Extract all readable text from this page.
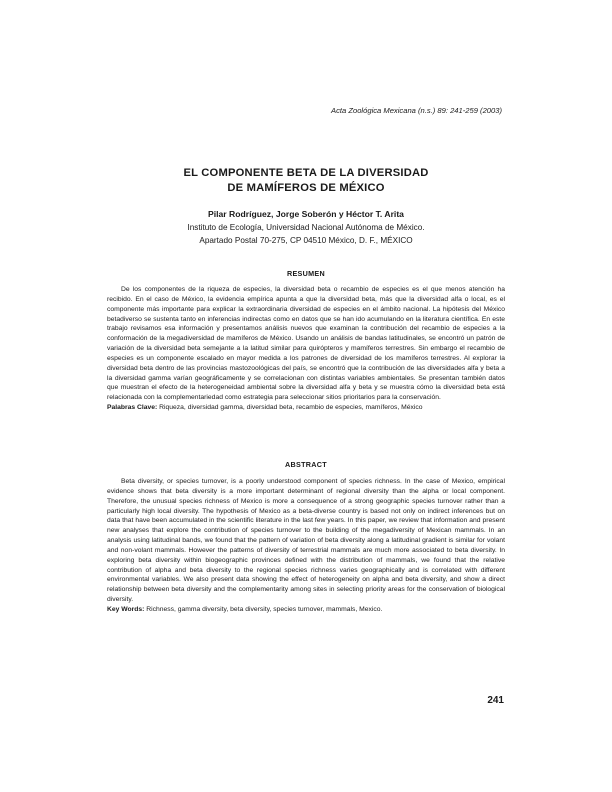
Acta Zoológica Mexicana (n.s.) 89: 241-259 (2003)
EL COMPONENTE BETA DE LA DIVERSIDAD
DE MAMÍFEROS DE MÉXICO
Pilar Rodríguez, Jorge Soberón y Héctor T. Arita
Instituto de Ecología, Universidad Nacional Autónoma de México.
Apartado Postal 70-275, CP 04510 México, D. F., MÉXICO
RESUMEN

De los componentes de la riqueza de especies, la diversidad beta o recambio de especies es el que menos atención ha recibido. En el caso de México, la evidencia empírica apunta a que la diversidad beta, más que la diversidad alfa o local, es el componente más importante para explicar la extraordinaria diversidad de especies en el ámbito nacional. La hipótesis del México betadiverso se sustenta tanto en inferencias indirectas como en datos que se han ido acumulando en la literatura científica. En este trabajo revisamos esa información y presentamos análisis nuevos que examinan la contribución del recambio de especies a la conformación de la megadiversidad de mamíferos de México. Usando un análisis de bandas latitudinales, se encontró un patrón de variación de la diversidad beta semejante a la latitud similar para quirópteros y mamíferos terrestres. Sin embargo el recambio de especies es un componente escalado en mayor medida a los patrones de diversidad de los mamíferos terrestres. Al explorar la diversidad beta dentro de las provincias mastozoológicas del país, se encontró que la contribución de las diversidades alfa y beta a la diversidad gamma varían geográficamente y se correlacionan con distintas variables ambientales. Se presentan también datos que muestran el efecto de la heterogeneidad ambiental sobre la diversidad alfa y beta y se muestra cómo la diversidad beta está relacionada con la complementariedad como estrategia para seleccionar sitios prioritarios para la conservación.

Palabras Clave: Riqueza, diversidad gamma, diversidad beta, recambio de especies, mamíferos, México
ABSTRACT

Beta diversity, or species turnover, is a poorly understood component of species richness. In the case of Mexico, empirical evidence shows that beta diversity is a more important determinant of regional diversity than the alpha or local component. Therefore, the unusual species richness of Mexico is more a consequence of a strong geographic species turnover rather than a particularly high local diversity. The hypothesis of Mexico as a beta-diverse country is based not only on indirect inferences but on data that have been accumulated in the scientific literature in the last few years. In this paper, we review that information and present new analyses that explore the contribution of species turnover to the building of the megadiversity of Mexican mammals. In an analysis using latitudinal bands, we found that the pattern of variation of beta diversity along a latitudinal gradient is similar for volant and non-volant mammals. However the patterns of diversity of terrestrial mammals are much more associated to beta diversity. In exploring beta diversity within biogeographic provinces defined with the distribution of mammals, we found that the relative contribution of alpha and beta diversity to the regional species richness varies geographically and is correlated with different environmental variables. We also present data showing the effect of heterogeneity on alpha and beta diversity, and show a direct relationship between beta diversity and the complementarity among sites in selecting priority areas for the conservation of biological diversity.

Key Words: Richness, gamma diversity, beta diversity, species turnover, mammals, Mexico.
241
